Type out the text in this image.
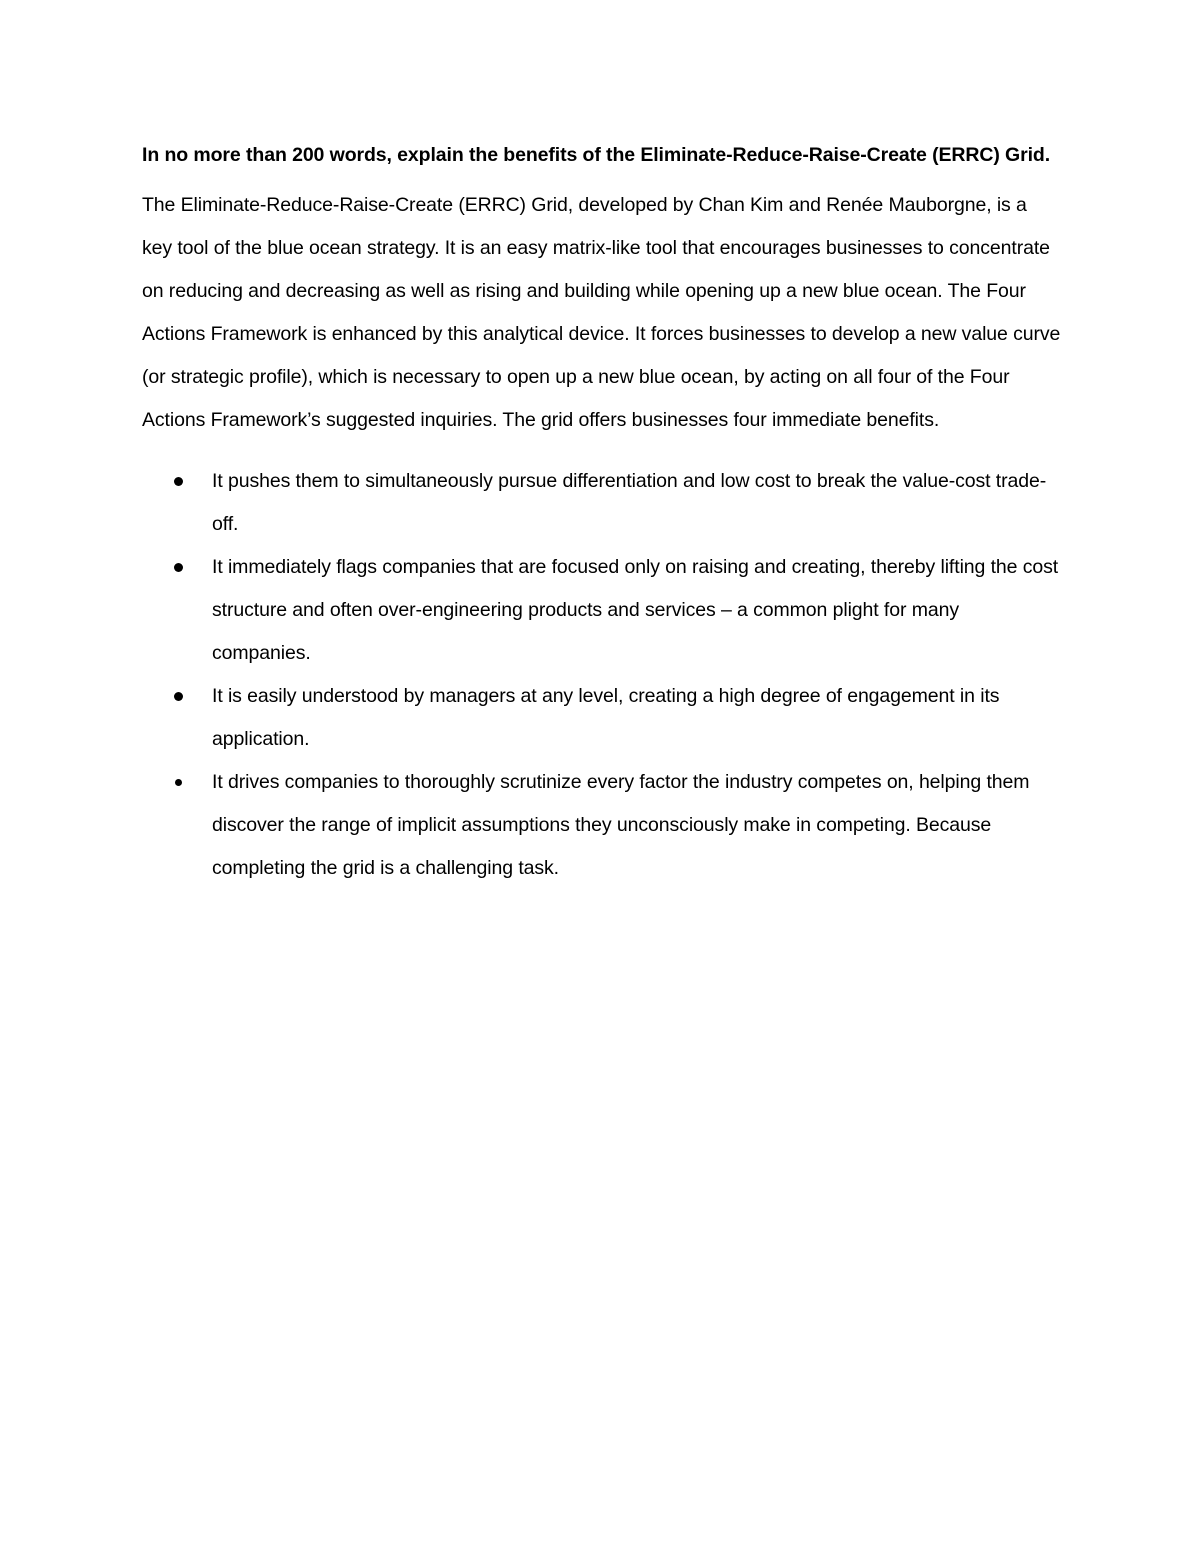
In no more than 200 words, explain the benefits of the Eliminate-Reduce-Raise-Create (ERRC) Grid.

The Eliminate-Reduce-Raise-Create (ERRC) Grid, developed by Chan Kim and Renée Mauborgne, is a key tool of the blue ocean strategy. It is an easy matrix-like tool that encourages businesses to concentrate on reducing and decreasing as well as rising and building while opening up a new blue ocean. The Four Actions Framework is enhanced by this analytical device. It forces businesses to develop a new value curve (or strategic profile), which is necessary to open up a new blue ocean, by acting on all four of the Four Actions Framework’s suggested inquiries. The grid offers businesses four immediate benefits.

It pushes them to simultaneously pursue differentiation and low cost to break the value-cost trade-off.
It immediately flags companies that are focused only on raising and creating, thereby lifting the cost structure and often over-engineering products and services – a common plight for many companies.
It is easily understood by managers at any level, creating a high degree of engagement in its application.
It drives companies to thoroughly scrutinize every factor the industry competes on, helping them discover the range of implicit assumptions they unconsciously make in competing. Because completing the grid is a challenging task.
